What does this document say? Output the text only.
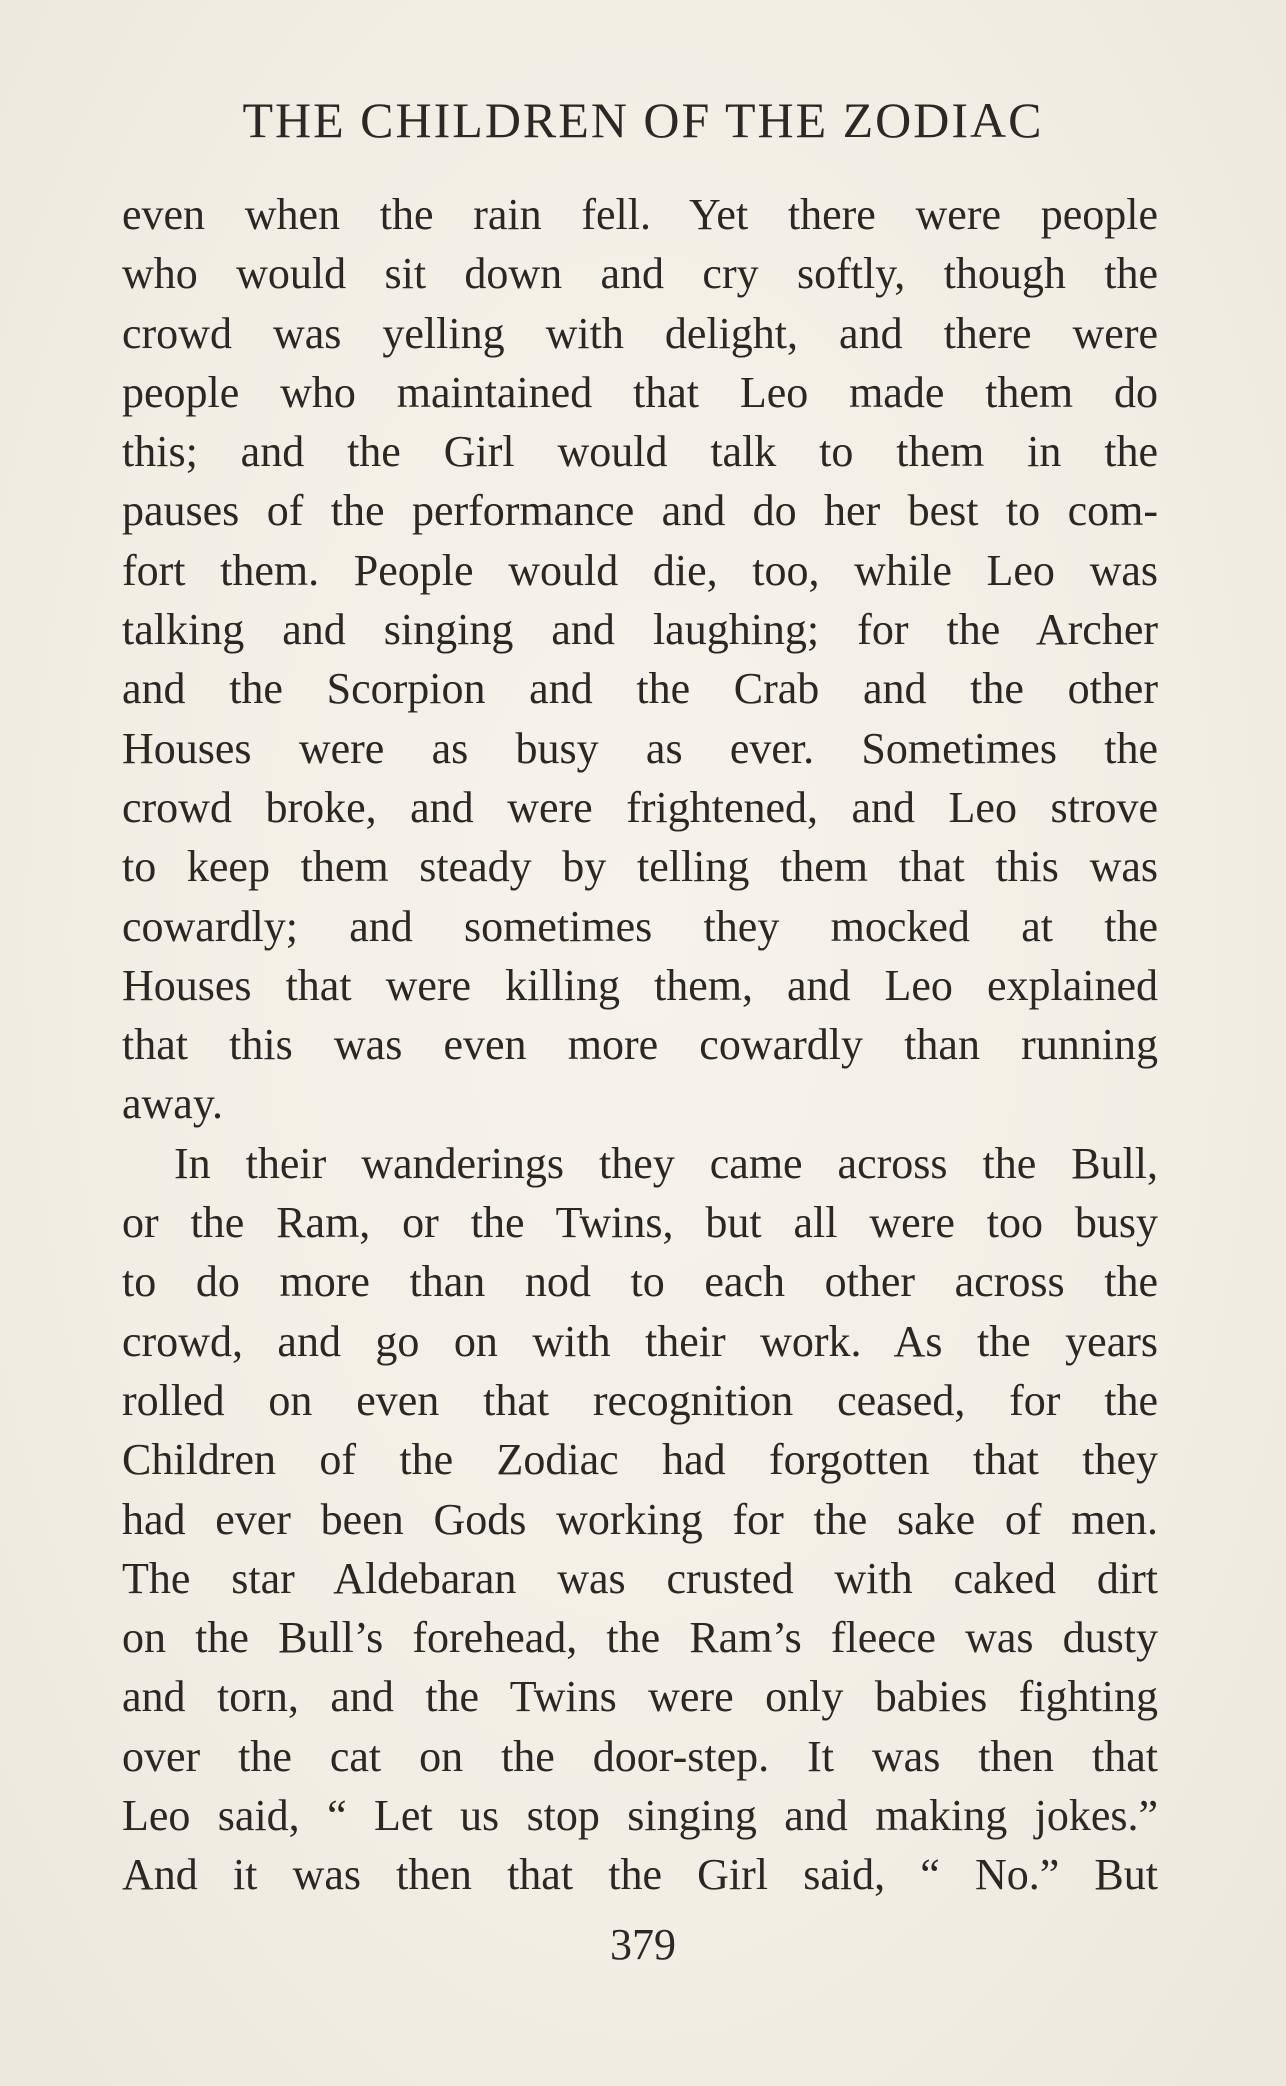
THE CHILDREN OF THE ZODIAC
even when the rain fell. Yet there were people
who would sit down and cry softly, though the
crowd was yelling with delight, and there were
people who maintained that Leo made them do
this; and the Girl would talk to them in the
pauses of the performance and do her best to com-
fort them. People would die, too, while Leo was
talking and singing and laughing; for the Archer
and the Scorpion and the Crab and the other
Houses were as busy as ever. Sometimes the
crowd broke, and were frightened, and Leo strove
to keep them steady by telling them that this was
cowardly; and sometimes they mocked at the
Houses that were killing them, and Leo explained
that this was even more cowardly than running
away.
In their wanderings they came across the Bull,
or the Ram, or the Twins, but all were too busy
to do more than nod to each other across the
crowd, and go on with their work. As the years
rolled on even that recognition ceased, for the
Children of the Zodiac had forgotten that they
had ever been Gods working for the sake of men.
The star Aldebaran was crusted with caked dirt
on the Bull’s forehead, the Ram’s fleece was dusty
and torn, and the Twins were only babies fighting
over the cat on the door-step. It was then that
Leo said, “ Let us stop singing and making jokes.”
And it was then that the Girl said, “ No.” But
379
